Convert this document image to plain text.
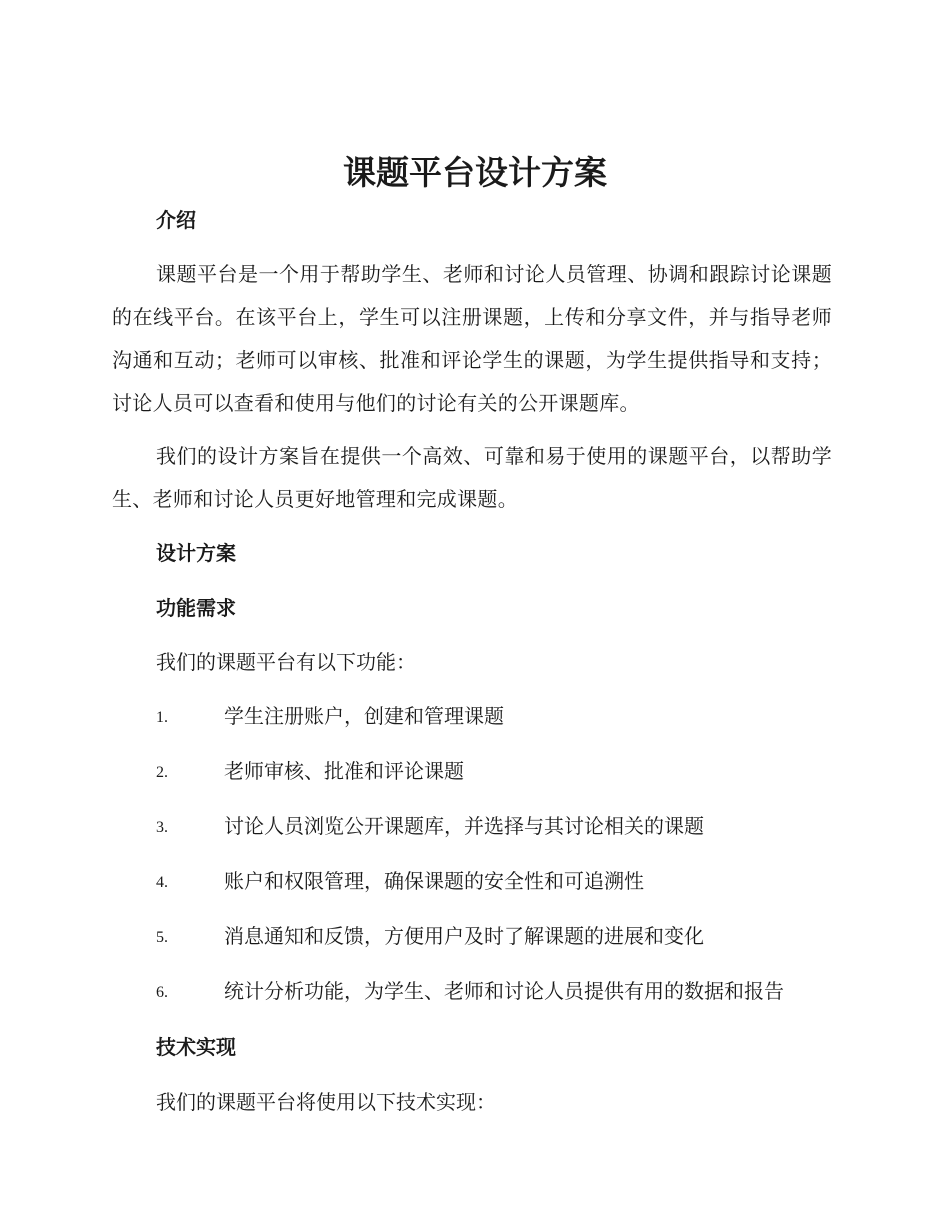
课题平台设计方案
介绍

课题平台是一个用于帮助学生、老师和讨论人员管理、协调和跟踪讨论课题的在线平台。在该平台上，学生可以注册课题，上传和分享文件，并与指导老师沟通和互动；老师可以审核、批准和评论学生的课题，为学生提供指导和支持；讨论人员可以查看和使用与他们的讨论有关的公开课题库。

我们的设计方案旨在提供一个高效、可靠和易于使用的课题平台，以帮助学生、老师和讨论人员更好地管理和完成课题。

设计方案
功能需求

我们的课题平台有以下功能：

1.	学生注册账户，创建和管理课题
2.	老师审核、批准和评论课题
3.	讨论人员浏览公开课题库，并选择与其讨论相关的课题
4.	账户和权限管理，确保课题的安全性和可追溯性
5.	消息通知和反馈，方便用户及时了解课题的进展和变化
6.	统计分析功能，为学生、老师和讨论人员提供有用的数据和报告
技术实现

我们的课题平台将使用以下技术实现：
